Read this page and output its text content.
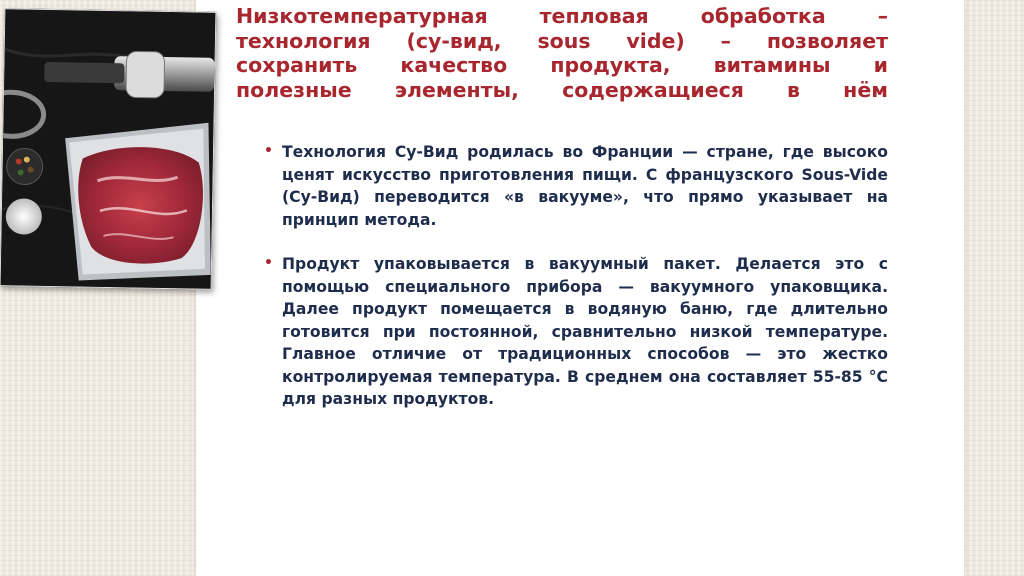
Низкотемпературная тепловая обработка –
технология (су-вид, sous vide) – позволяет
сохранить качество продукта, витамины и
полезные элементы, содержащиеся в нём
• Технология Су-Вид родилась во Франции — стране, где высоко ценят искусство приготовления пищи. С французского Sous-Vide (Су-Вид) переводится «в вакууме», что прямо указывает на принцип метода.
• Продукт упаковывается в вакуумный пакет. Делается это с помощью специального прибора — вакуумного упаковщика. Далее продукт помещается в водяную баню, где длительно готовится при постоянной, сравнительно низкой температуре. Главное отличие от традиционных способов — это жестко контролируемая температура. В среднем она составляет 55-85 °С для разных продуктов.
